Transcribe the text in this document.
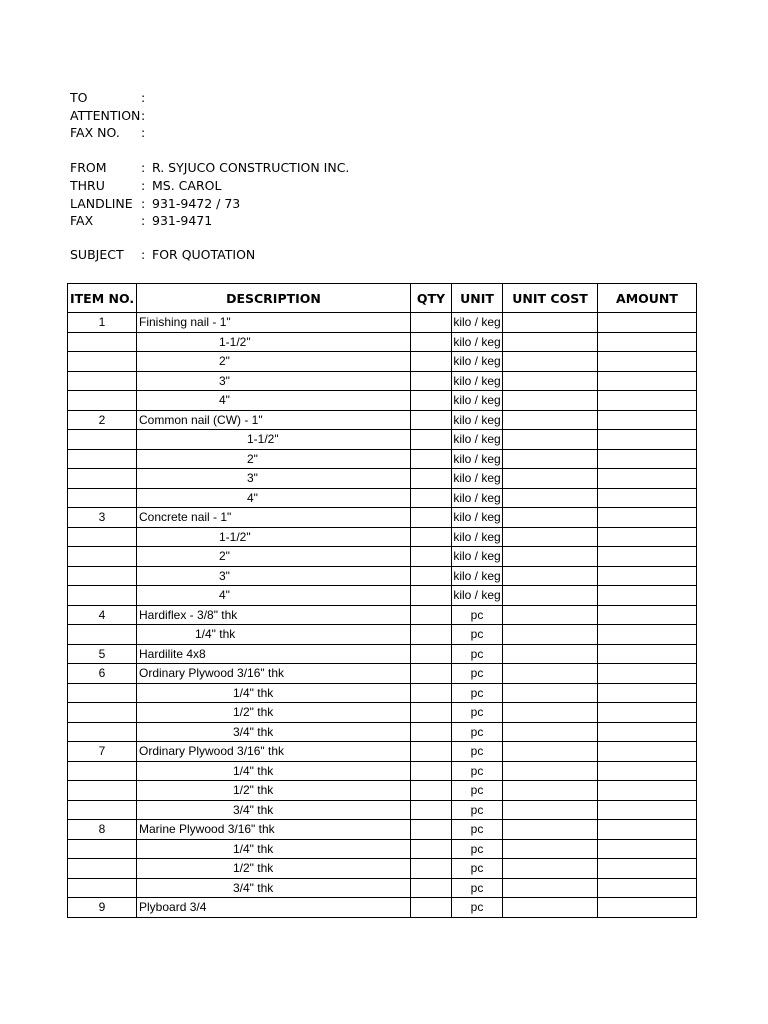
TO	:
ATTENTION:
FAX NO. :
FROM	: R. SYJUCO CONSTRUCTION INC.
THRU	: MS. CAROL
LANDLINE : 931-9472 / 73
FAX	: 931-9471
SUBJECT : FOR QUOTATION
ITEM NO.	DESCRIPTION	QTY	UNIT	UNIT COST	AMOUNT
1	Finishing nail - 1"		kilo / keg		
	1-1/2"		kilo / keg		
	2"		kilo / keg		
	3"		kilo / keg		
	4"		kilo / keg		
2	Common nail (CW) - 1"		kilo / keg		
	1-1/2"		kilo / keg		
	2"		kilo / keg		
	3"		kilo / keg		
	4"		kilo / keg		
3	Concrete nail - 1"		kilo / keg		
	1-1/2"		kilo / keg		
	2"		kilo / keg		
	3"		kilo / keg		
	4"		kilo / keg		
4	Hardiflex - 3/8" thk		pc		
	1/4" thk		pc		
5	Hardilite 4x8		pc		
6	Ordinary Plywood 3/16" thk		pc		
	1/4" thk		pc		
	1/2" thk		pc		
	3/4" thk		pc		
7	Ordinary Plywood 3/16" thk		pc		
	1/4" thk		pc		
	1/2" thk		pc		
	3/4" thk		pc		
8	Marine Plywood 3/16" thk		pc		
	1/4" thk		pc		
	1/2" thk		pc		
	3/4" thk		pc		
9	Plyboard 3/4		pc		
